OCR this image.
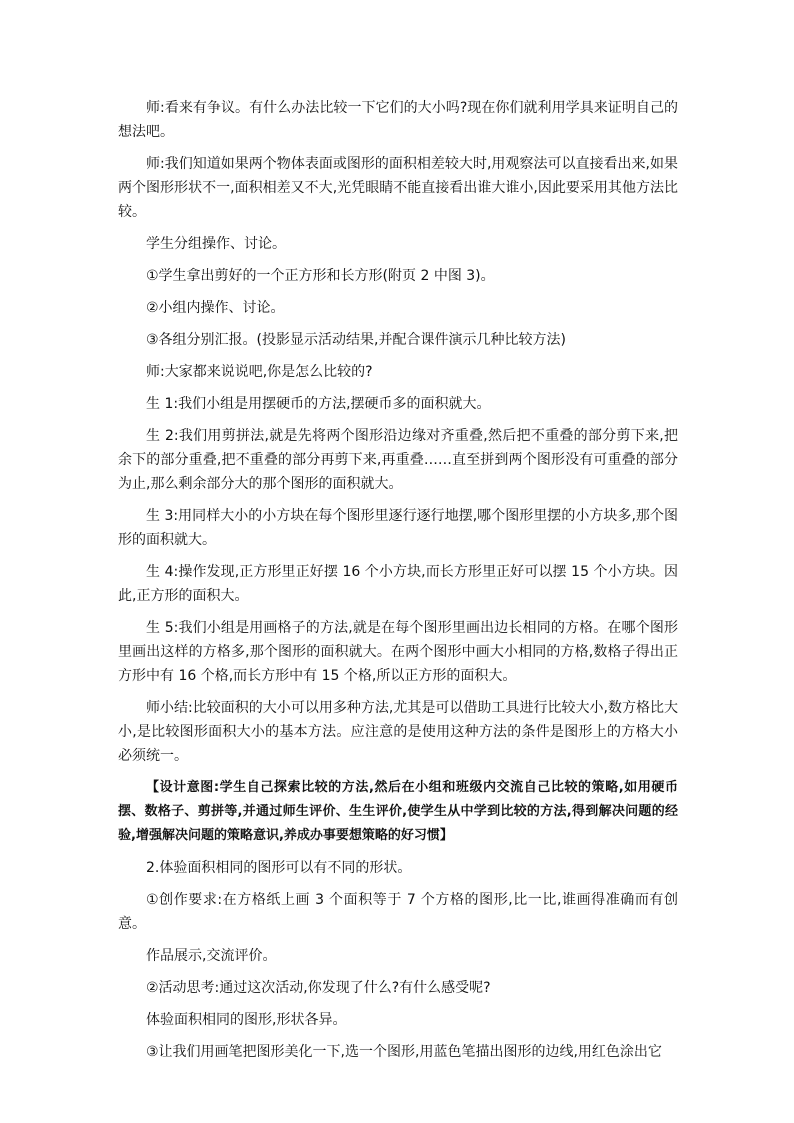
师:看来有争议。有什么办法比较一下它们的大小吗?现在你们就利用学具来证明自己的想法吧。

师:我们知道如果两个物体表面或图形的面积相差较大时,用观察法可以直接看出来,如果两个图形形状不一,面积相差又不大,光凭眼睛不能直接看出谁大谁小,因此要采用其他方法比较。

学生分组操作、讨论。

①学生拿出剪好的一个正方形和长方形(附页 2 中图 3)。

②小组内操作、讨论。

③各组分别汇报。(投影显示活动结果,并配合课件演示几种比较方法)

师:大家都来说说吧,你是怎么比较的?

生 1:我们小组是用摆硬币的方法,摆硬币多的面积就大。

生 2:我们用剪拼法,就是先将两个图形沿边缘对齐重叠,然后把不重叠的部分剪下来,把余下的部分重叠,把不重叠的部分再剪下来,再重叠……直至拼到两个图形没有可重叠的部分为止,那么剩余部分大的那个图形的面积就大。

生 3:用同样大小的小方块在每个图形里逐行逐行地摆,哪个图形里摆的小方块多,那个图形的面积就大。

生 4:操作发现,正方形里正好摆 16 个小方块,而长方形里正好可以摆 15 个小方块。因此,正方形的面积大。

生 5:我们小组是用画格子的方法,就是在每个图形里画出边长相同的方格。在哪个图形里画出这样的方格多,那个图形的面积就大。在两个图形中画大小相同的方格,数格子得出正方形中有 16 个格,而长方形中有 15 个格,所以正方形的面积大。

师小结:比较面积的大小可以用多种方法,尤其是可以借助工具进行比较大小,数方格比大小,是比较图形面积大小的基本方法。应注意的是使用这种方法的条件是图形上的方格大小必须统一。

【设计意图:学生自己探索比较的方法,然后在小组和班级内交流自己比较的策略,如用硬币摆、数格子、剪拼等,并通过师生评价、生生评价,使学生从中学到比较的方法,得到解决问题的经验,增强解决问题的策略意识,养成办事要想策略的好习惯】

2.体验面积相同的图形可以有不同的形状。

①创作要求:在方格纸上画 3 个面积等于 7 个方格的图形,比一比,谁画得准确而有创意。

作品展示,交流评价。

②活动思考:通过这次活动,你发现了什么?有什么感受呢?

体验面积相同的图形,形状各异。

③让我们用画笔把图形美化一下,选一个图形,用蓝色笔描出图形的边线,用红色涂出它
